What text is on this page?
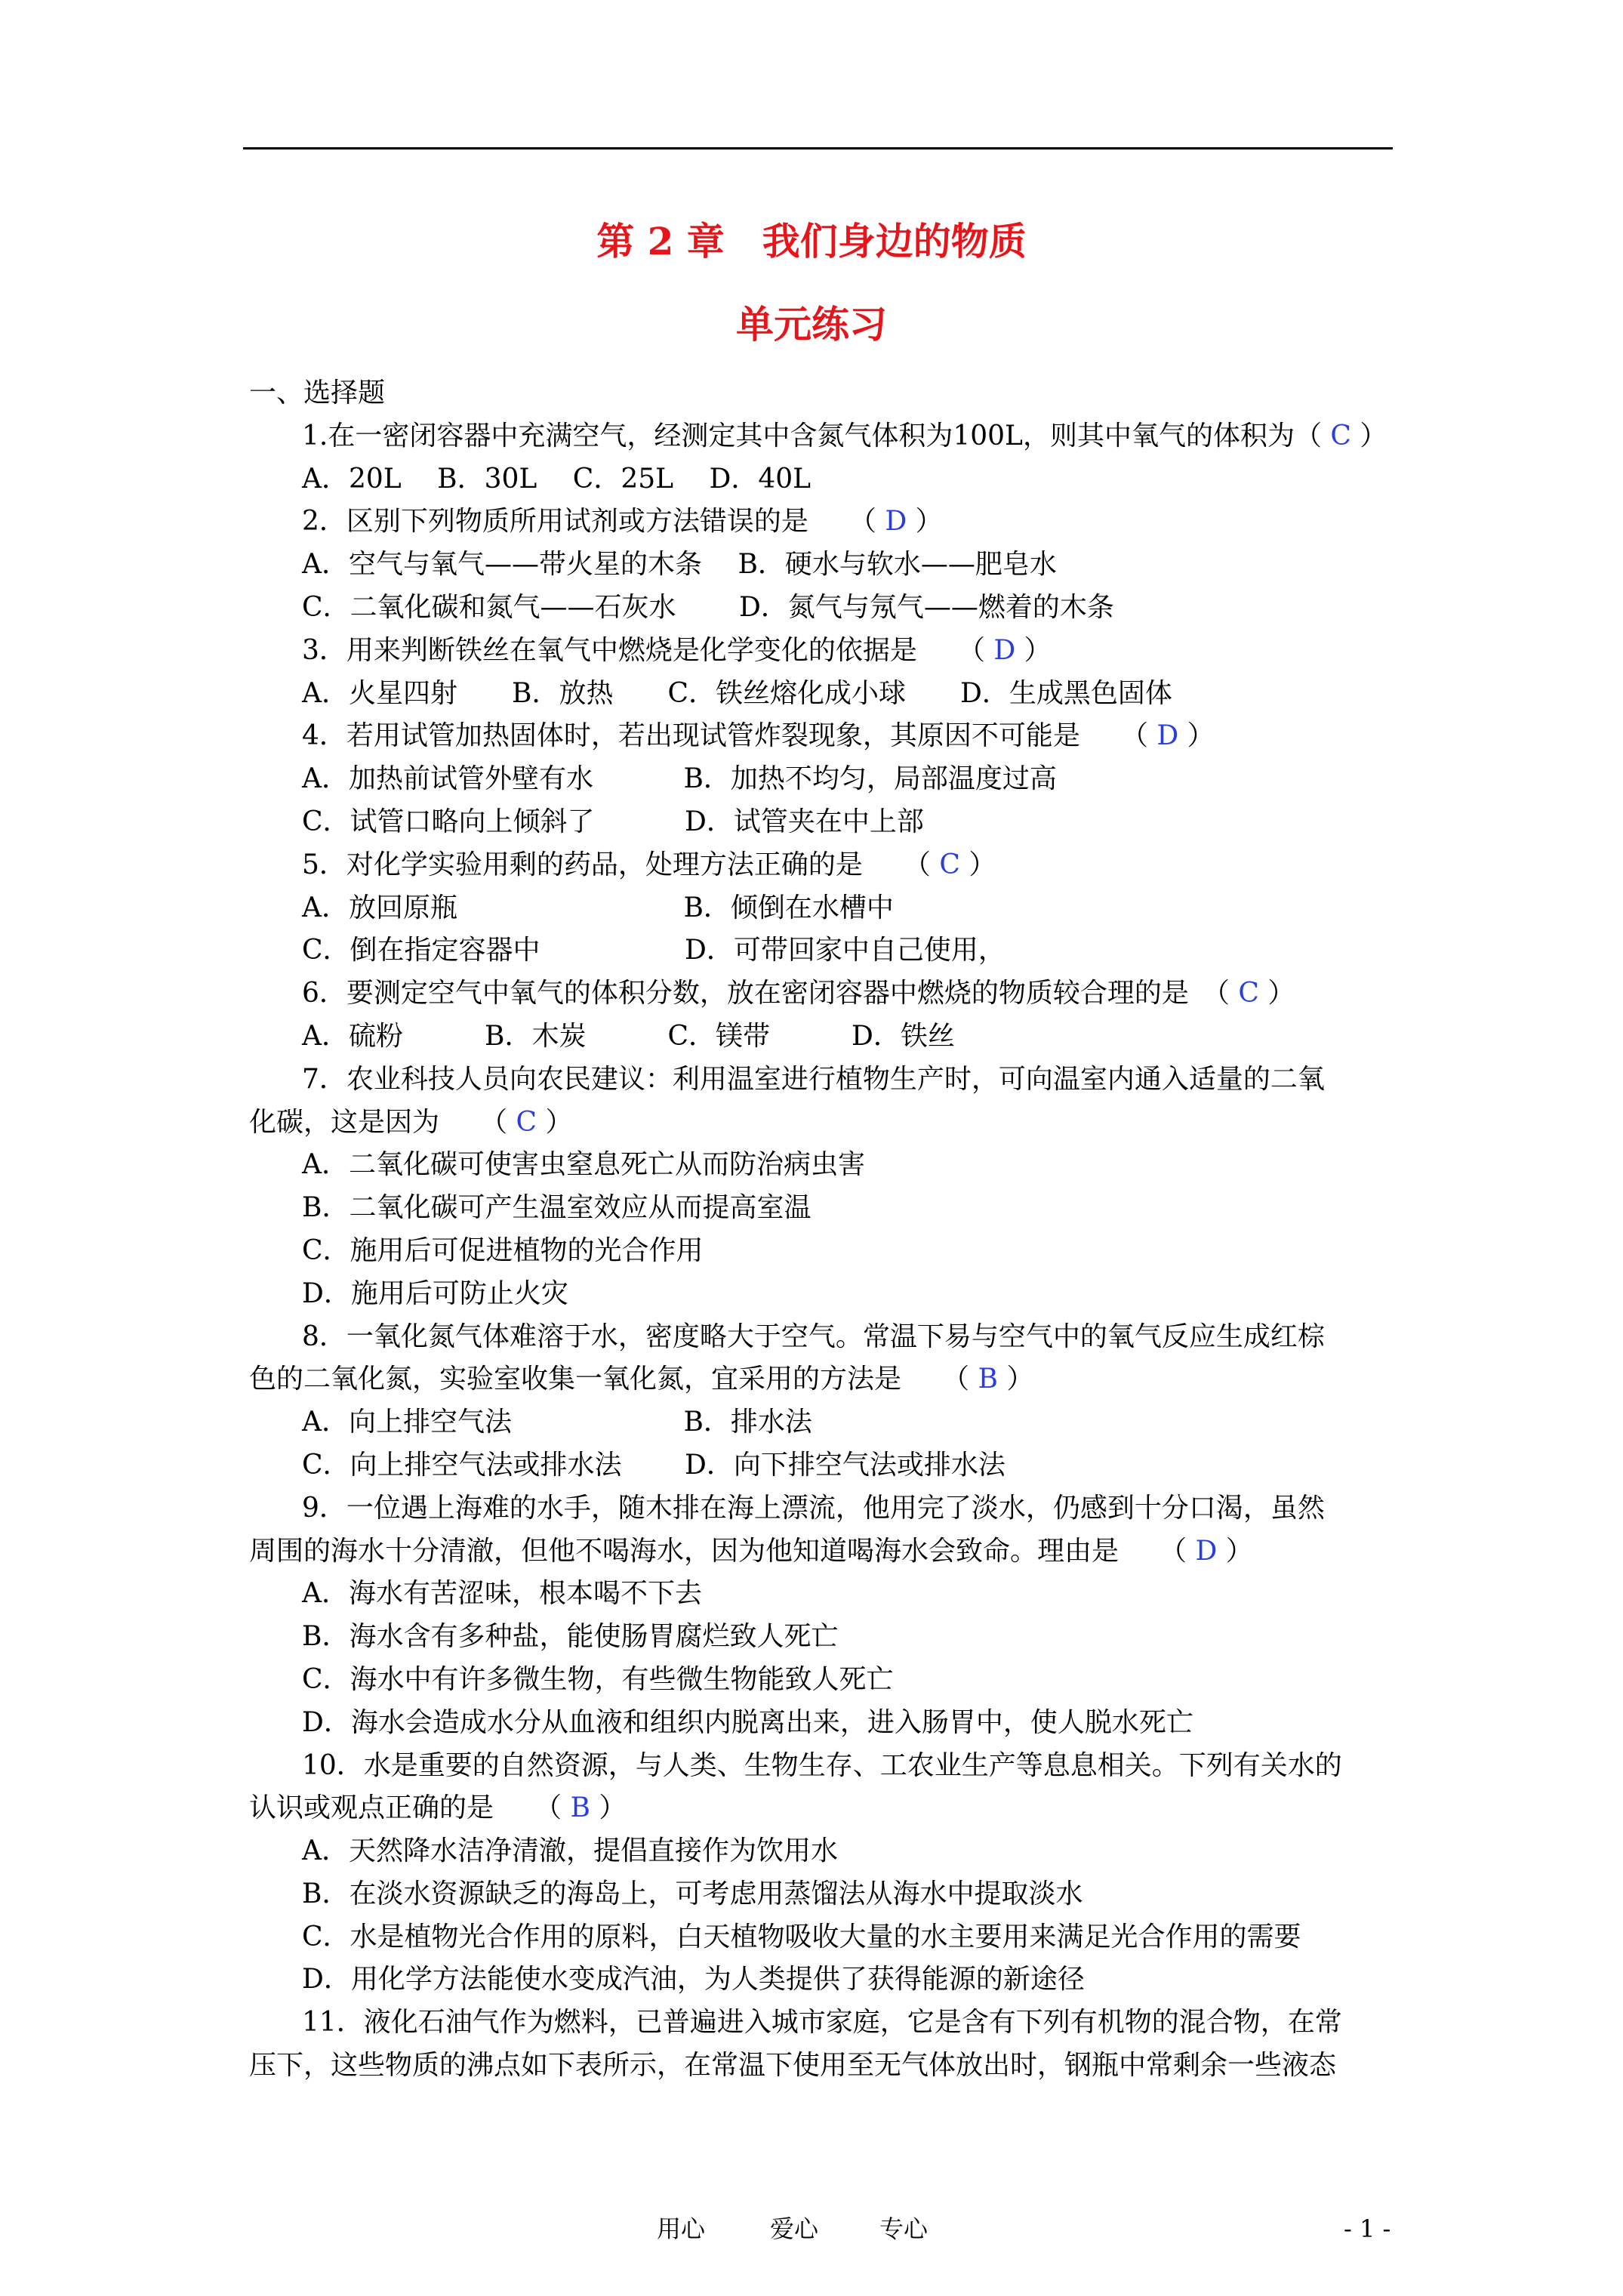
第 2 章　我们身边的物质
单元练习
一、选择题
1.在一密闭容器中充满空气，经测定其中含氮气体积为100L，则其中氧气的体积为（ C ）
A．20L　 B．30L　 C．25L　 D．40L
2．区别下列物质所用试剂或方法错误的是　　（ D ）
A．空气与氧气——带火星的木条　 B．硬水与软水——肥皂水
C．二氧化碳和氮气——石灰水　　 D．氮气与氖气——燃着的木条
3．用来判断铁丝在氧气中燃烧是化学变化的依据是　　（ D ）
A．火星四射　　B．放热　　C．铁丝熔化成小球　　D．生成黑色固体
4．若用试管加热固体时，若出现试管炸裂现象，其原因不可能是　　（ D ）
A．加热前试管外壁有水　　　 B．加热不均匀，局部温度过高
C．试管口略向上倾斜了　　　 D．试管夹在中上部
5．对化学实验用剩的药品，处理方法正确的是　　（ C ）
A．放回原瓶　　　　　　　　 B．倾倒在水槽中
C．倒在指定容器中　　　　　 D．可带回家中自己使用，
6．要测定空气中氧气的体积分数，放在密闭容器中燃烧的物质较合理的是　（ C ）
A．硫粉　　　B．木炭　　　C．镁带　　　D．铁丝
7．农业科技人员向农民建议：利用温室进行植物生产时，可向温室内通入适量的二氧
化碳，这是因为　　（ C ）
A．二氧化碳可使害虫窒息死亡从而防治病虫害
B．二氧化碳可产生温室效应从而提高室温
C．施用后可促进植物的光合作用
D．施用后可防止火灾
8．一氧化氮气体难溶于水，密度略大于空气。常温下易与空气中的氧气反应生成红棕
色的二氧化氮，实验室收集一氧化氮，宜采用的方法是　　（ B ）
A．向上排空气法　　　　　　 B．排水法
C．向上排空气法或排水法　　 D．向下排空气法或排水法
9．一位遇上海难的水手，随木排在海上漂流，他用完了淡水，仍感到十分口渴，虽然
周围的海水十分清澈，但他不喝海水，因为他知道喝海水会致命。理由是　　（ D ）
A．海水有苦涩味，根本喝不下去
B．海水含有多种盐，能使肠胃腐烂致人死亡
C．海水中有许多微生物，有些微生物能致人死亡
D．海水会造成水分从血液和组织内脱离出来，进入肠胃中，使人脱水死亡
10．水是重要的自然资源，与人类、生物生存、工农业生产等息息相关。下列有关水的
认识或观点正确的是　　（ B ）
A．天然降水洁净清澈，提倡直接作为饮用水
B．在淡水资源缺乏的海岛上，可考虑用蒸馏法从海水中提取淡水
C．水是植物光合作用的原料，白天植物吸收大量的水主要用来满足光合作用的需要
D．用化学方法能使水变成汽油，为人类提供了获得能源的新途径
11．液化石油气作为燃料，已普遍进入城市家庭，它是含有下列有机物的混合物，在常
压下，这些物质的沸点如下表所示，在常温下使用至无气体放出时，钢瓶中常剩余一些液态
用心	爱心	专心	- 1 -
